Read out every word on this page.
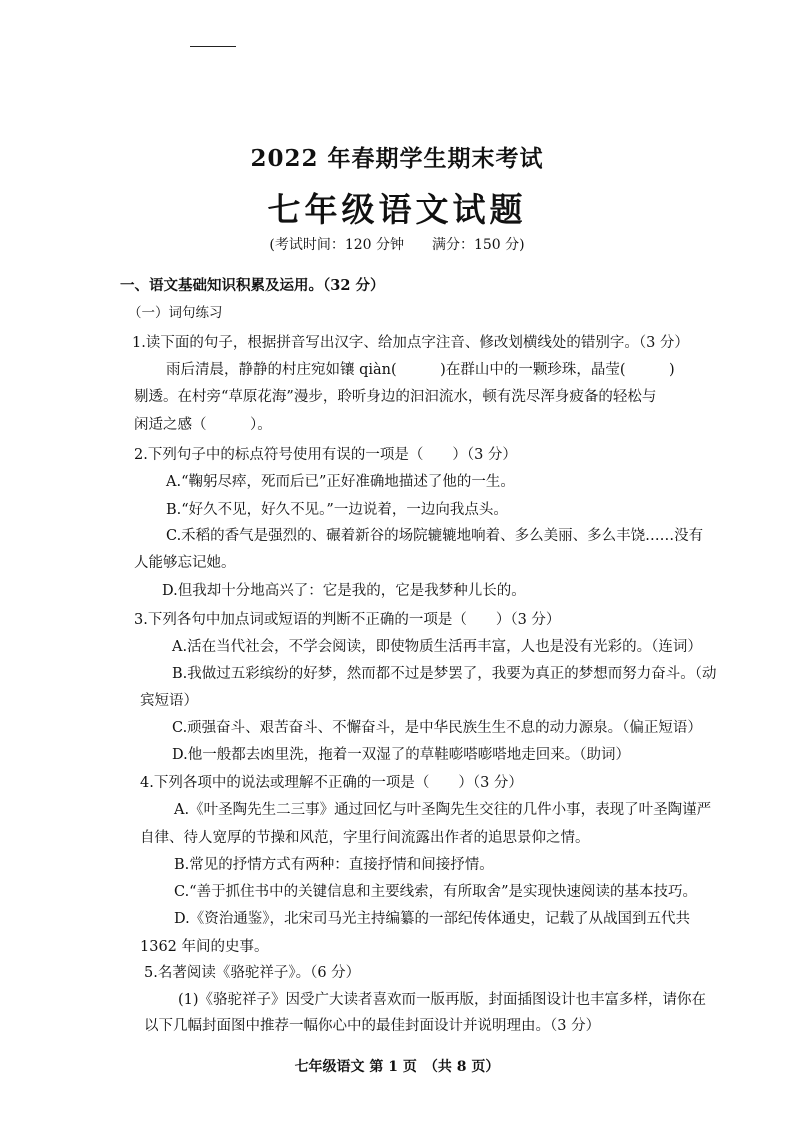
2022 年春期学生期末考试
七年级语文试题
(考试时间：120 分钟　　满分：150 分)
一、语文基础知识积累及运用。（32 分）
（一）词句练习
1.读下面的句子，根据拼音写出汉字、给加点字注音、修改划横线处的错别字。（3 分）
雨后清晨，静静的村庄宛如镶 qiàn(　　　)在群山中的一颗珍珠，晶莹(　　　)
剔透。在村旁“草原花海”漫步，聆听身边的汩汩流水，顿有洗尽浑身疲备的轻松与
闲适之感（　　　）。
2.下列句子中的标点符号使用有误的一项是（　　）（3 分）
A.“鞠躬尽瘁，死而后已”正好准确地描述了他的一生。
B.“好久不见，好久不见。”一边说着，一边向我点头。
C.禾稻的香气是强烈的、碾着新谷的场院辘辘地响着、多么美丽、多么丰饶……没有
人能够忘记她。
D.但我却十分地高兴了：它是我的，它是我梦种儿长的。
3.下列各句中加点词或短语的判断不正确的一项是（　　）（3 分）
A.活在当代社会，不学会阅读，即使物质生活再丰富，人也是没有光彩的。（连词）
B.我做过五彩缤纷的好梦，然而都不过是梦罢了，我要为真正的梦想而努力奋斗。（动
宾短语）
C.顽强奋斗、艰苦奋斗、不懈奋斗，是中华民族生生不息的动力源泉。（偏正短语）
D.他一般都去凼里洗，拖着一双湿了的草鞋嘭嗒嘭嗒地走回来。（助词）
4.下列各项中的说法或理解不正确的一项是（　　）（3 分）
A.《叶圣陶先生二三事》通过回忆与叶圣陶先生交往的几件小事，表现了叶圣陶谨严
自律、待人宽厚的节操和风范，字里行间流露出作者的追思景仰之情。
B.常见的抒情方式有两种：直接抒情和间接抒情。
C.“善于抓住书中的关键信息和主要线索，有所取舍”是实现快速阅读的基本技巧。
D.《资治通鉴》，北宋司马光主持编纂的一部纪传体通史，记载了从战国到五代共
1362 年间的史事。
5.名著阅读《骆驼祥子》。（6 分）
(1)《骆驼祥子》因受广大读者喜欢而一版再版，封面插图设计也丰富多样，请你在
以下几幅封面图中推荐一幅你心中的最佳封面设计并说明理由。（3 分）
七年级语文 第 1 页　（共 8 页）
